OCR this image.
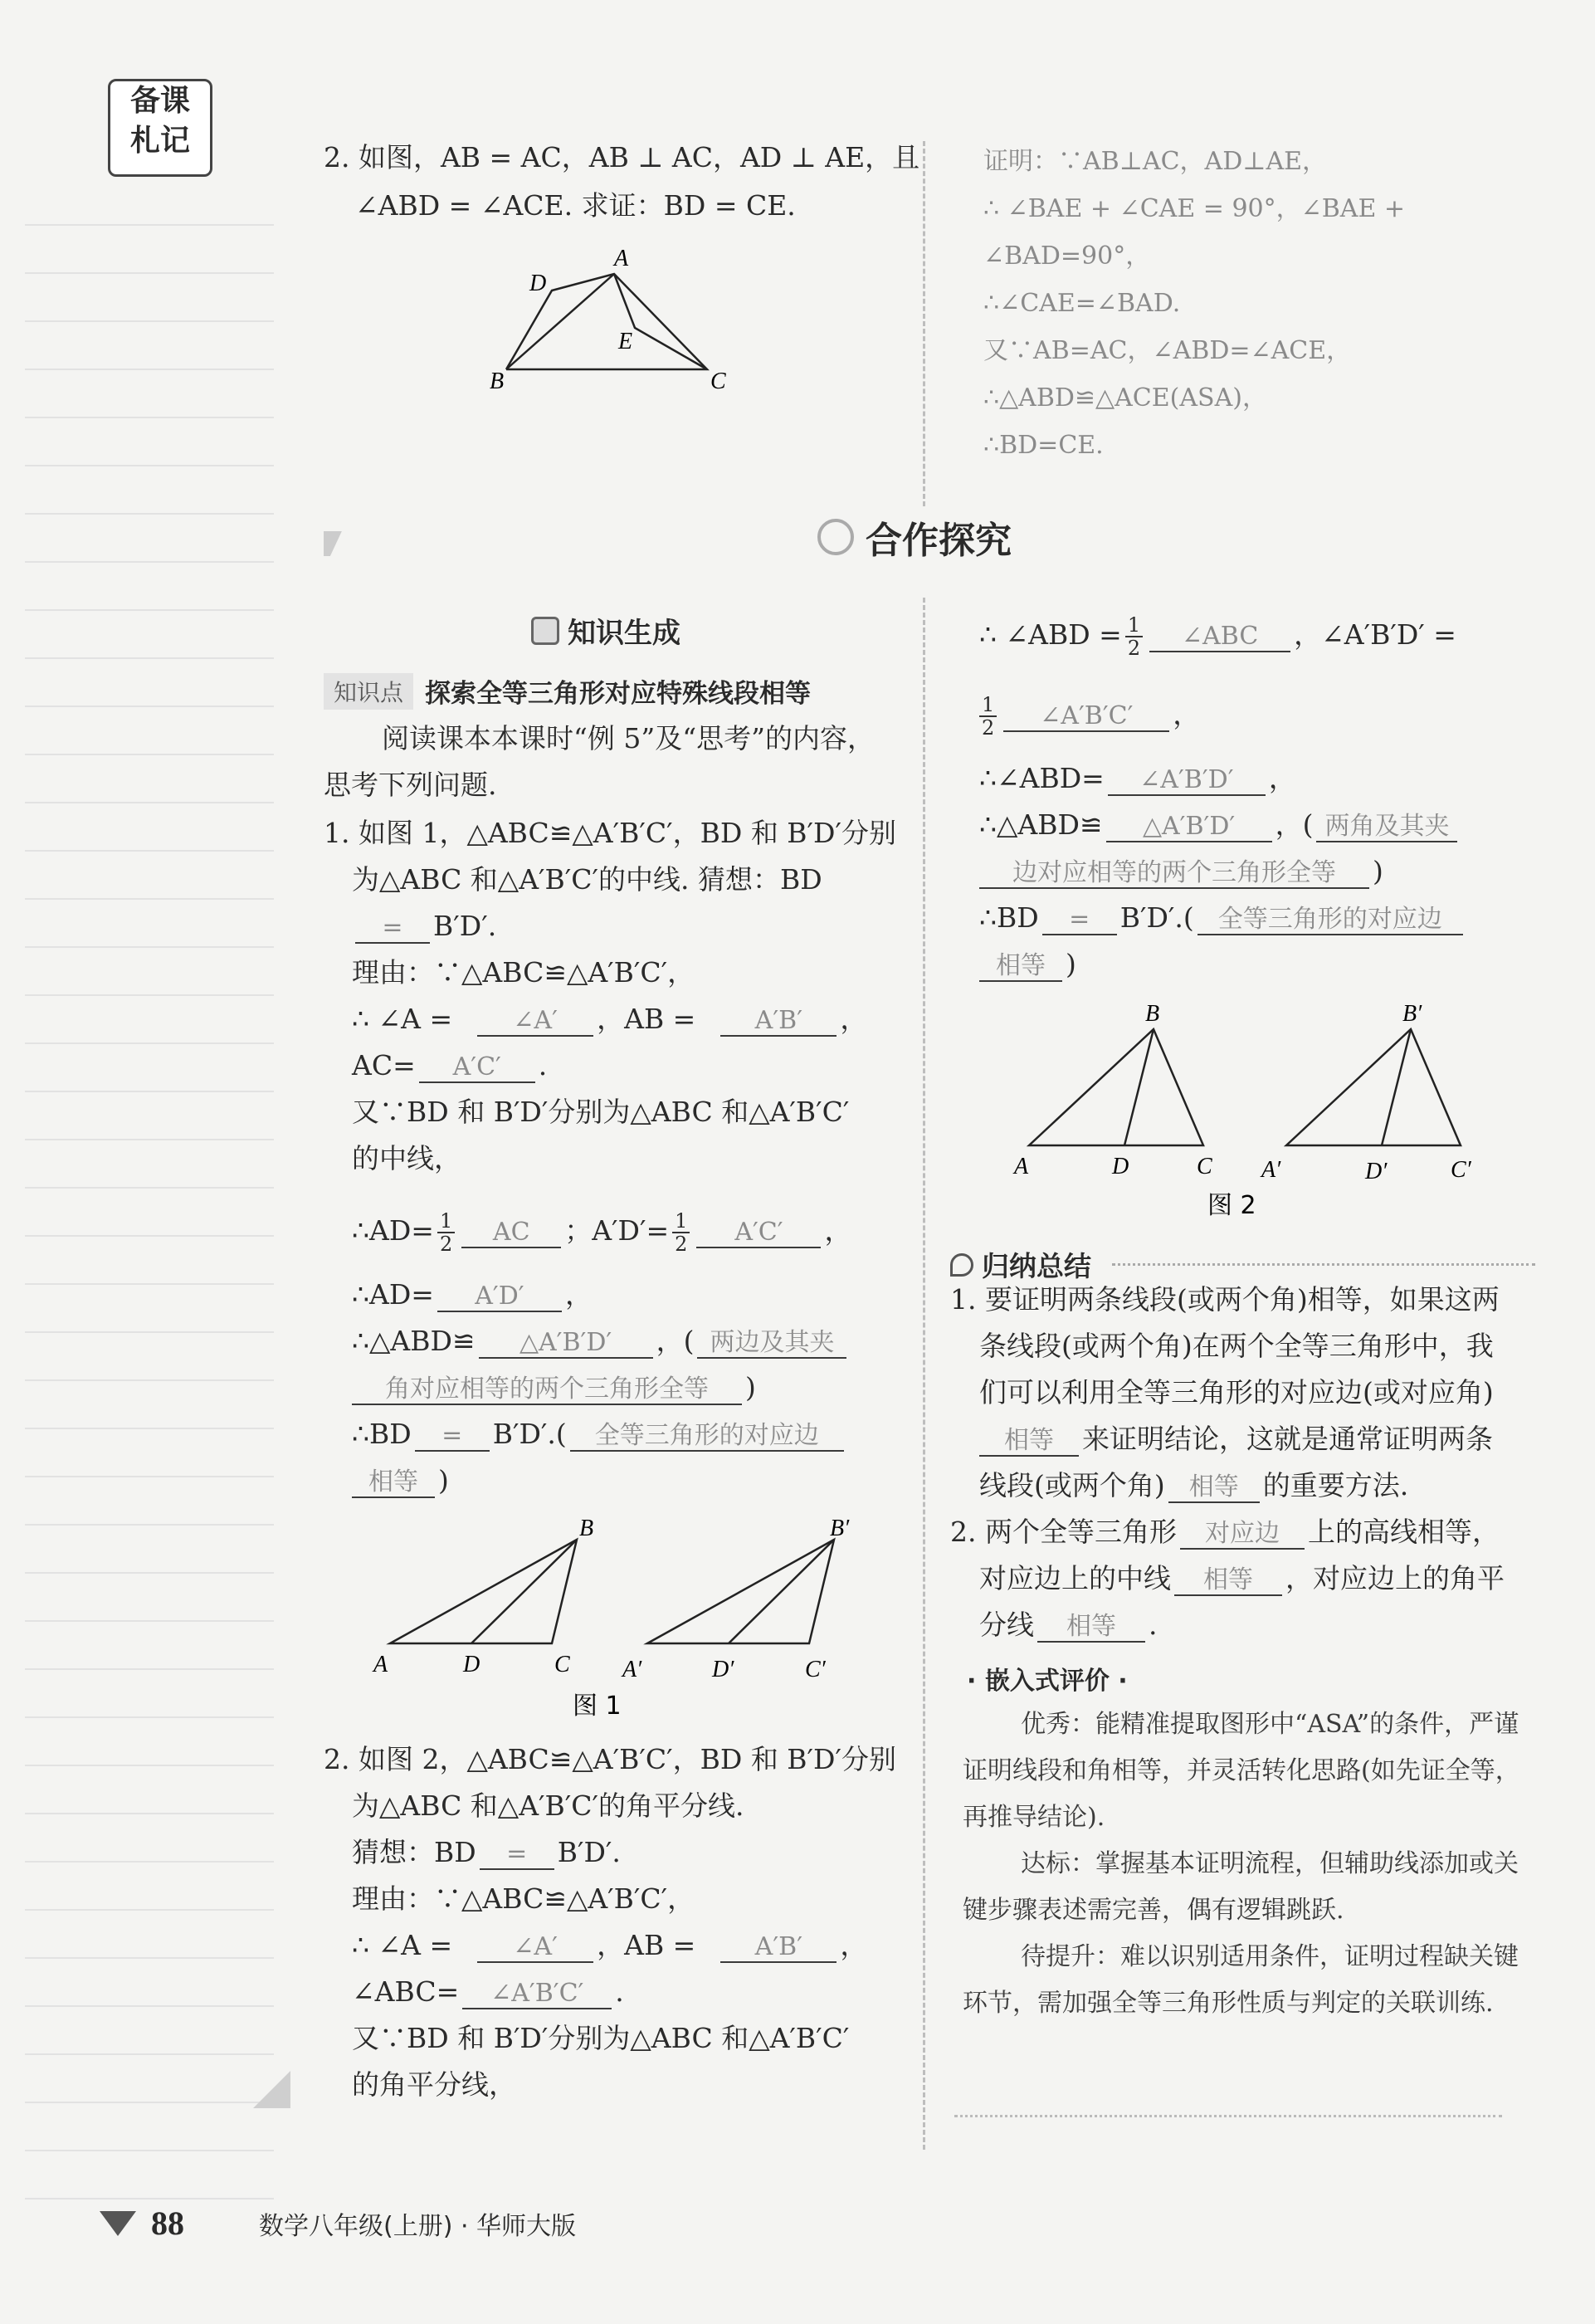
备课
札记	2. 如图，AB = AC，AB ⊥ AC，AD ⊥ AE，且
∠ABD = ∠ACE. 求证：BD = CE.
A
B	C
D
E
证明：∵AB⊥AC，AD⊥AE，
∴ ∠BAE + ∠CAE = 90°，∠BAE +
∠BAD=90°，
∴∠CAE=∠BAD.
又∵AB=AC，∠ABD=∠ACE，
∴△ABD≌△ACE(ASA)，
∴BD=CE.
合作探究
知识生成
知识点 探索全等三角形对应特殊线段相等
阅读课本本课时“例 5”及“思考”的内容，
思考下列问题.
1. 如图 1，△ABC≌△A′B′C′，BD 和 B′D′分别
为△ABC 和△A′B′C′的中线. 猜想：BD
= B′D′.
理由：∵△ABC≌△A′B′C′，
∴ ∠A = ∠A′ ，AB = A′B′ ，
AC= A′C′ .
又∵BD 和 B′D′分别为△ABC 和△A′B′C′
的中线，
∴AD= $\frac{1}{2}$ AC ；$A'D'= \frac{1}{2} A'C'$ ，
∴AD= A′D′ ，
∴△ABD≌ △A′B′D′ ，( 两边及其夹
角对应相等的两个三角形全等 )
∴BD = B′D′.( 全等三角形的对应边
相等 )
A
B
C
D	A′
B′
C′
D′
图 1
2. 如图 2，△ABC≌△A′B′C′，BD 和 B′D′分别
为△ABC 和△A′B′C′的角平分线.
猜想：BD = B′D′.
理由：∵△ABC≌△A′B′C′，
∴ ∠A = ∠A′ ，AB = A′B′ ，
∠ABC= ∠A′B′C′ .
又∵BD 和 B′D′分别为△ABC 和△A′B′C′
的角平分线，
∴ ∠ABD = $\frac{1}{2}$ ∠ABC ，∠A′B′D′ =
$\frac{1}{2}$ ∠A′B′C′ ，
∴∠ABD= ∠A′B′D′ ，
∴△ABD≌ △A′B′D′ ，( 两角及其夹
边对应相等的两个三角形全等 )
∴BD = B′D′.( 全等三角形的对应边
相等 )
A
B
C
D	A′
B′
C′
D′
图 2
归纳总结
1. 要证明两条线段(或两个角)相等，如果这两
条线段(或两个角)在两个全等三角形中，我
们可以利用全等三角形的对应边(或对应角)
相等 来证明结论，这就是通常证明两条
线段(或两个角) 相等 的重要方法.
2. 两个全等三角形 对应边 上的高线相等，
对应边上的中线 相等 ，对应边上的角平
分线 相等 .
· 嵌入式评价 ·
优秀：能精准提取图形中“ASA”的条件，严谨证明线段和角相等，并灵活转化思路(如先证全等，再推导结论).
达标：掌握基本证明流程，但辅助线添加或关键步骤表述需完善，偶有逻辑跳跃.
待提升：难以识别适用条件，证明过程缺关键环节，需加强全等三角形性质与判定的关联训练.
88	数学八年级(上册) · 华师大版
